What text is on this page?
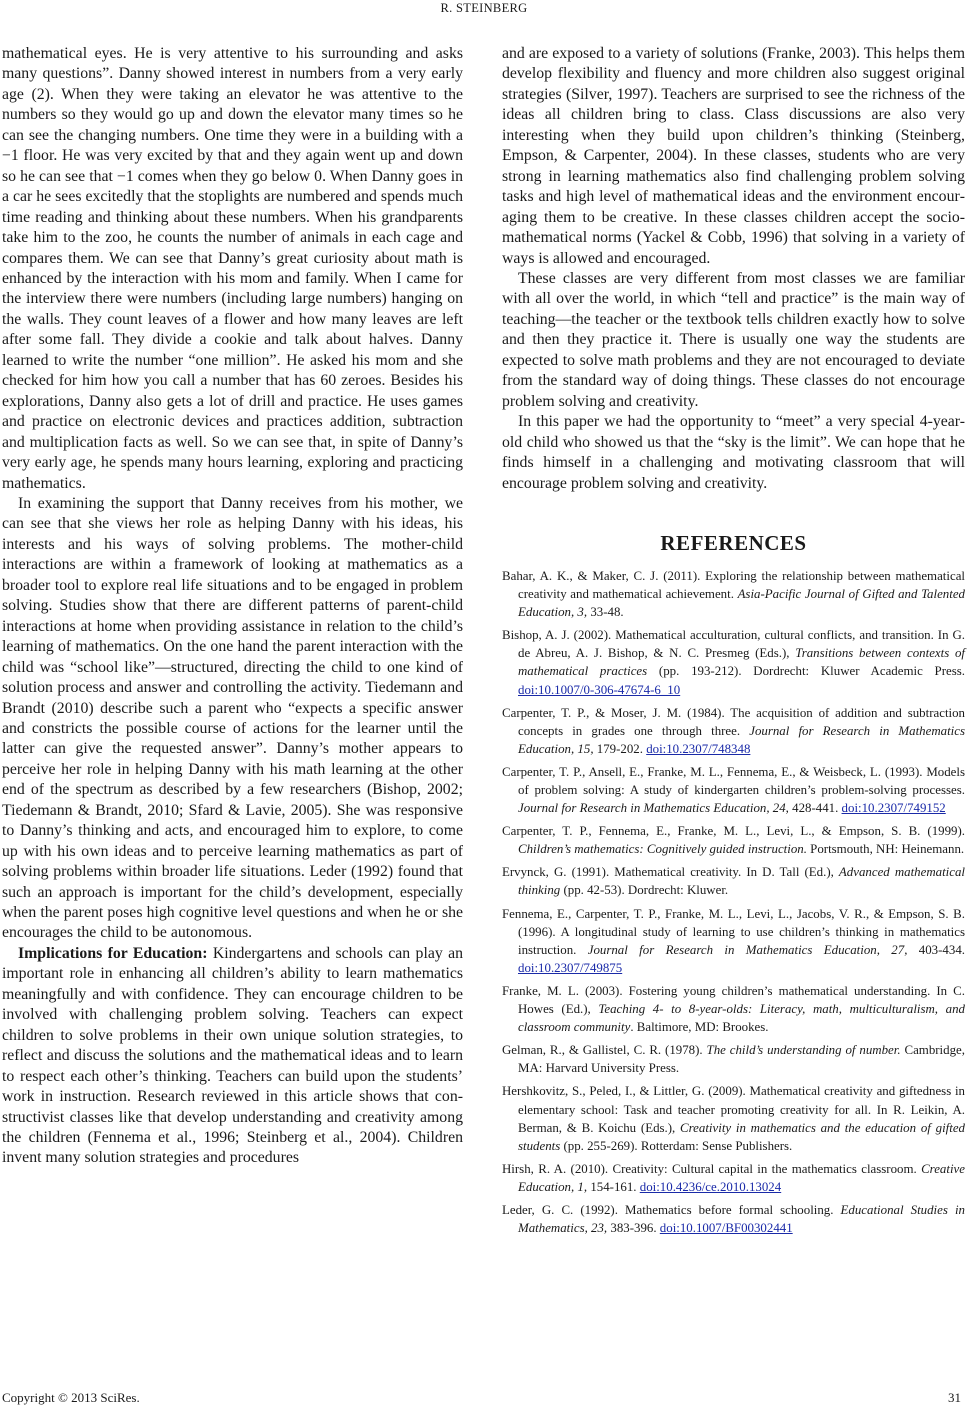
R. STEINBERG

mathematical eyes. He is very attentive to his surrounding and asks many questions”. Danny showed interest in numbers from a very early age (2). When they were taking an elevator he was attentive to the numbers so they would go up and down the elevator many times so he can see the changing numbers. One time they were in a building with a −1 floor. He was very excited by that and they again went up and down so he can see that −1 comes when they go below 0. When Danny goes in a car he sees excitedly that the stoplights are numbered and spends much time reading and thinking about these numbers. When his grandparents take him to the zoo, he counts the number of animals in each cage and compares them. We can see that Danny’s great curiosity about math is enhanced by the interaction with his mom and family. When I came for the interview there were numbers (including large numbers) hanging on the walls. They count leaves of a flower and how many leaves are left after some fall. They divide a cookie and talk about halves. Danny learned to write the number “one million”. He asked his mom and she checked for him how you call a number that has 60 zeroes. Besides his explorations, Danny also gets a lot of drill and practice. He uses games and practice on electronic devices and practices addition, subtraction and multiplication facts as well. So we can see that, in spite of Danny’s very early age, he spends many hours learning, exploring and practicing mathematics.

In examining the support that Danny receives from his mother, we can see that she views her role as helping Danny with his ideas, his interests and his ways of solving problems. The mother-child interactions are within a framework of looking at mathematics as a broader tool to explore real life situations and to be engaged in problem solving. Studies show that there are different patterns of parent-child interactions at home when providing assistance in relation to the child’s learning of mathematics. On the one hand the parent interaction with the child was “school like”—structured, directing the child to one kind of solution process and answer and controlling the activity. Tiedemann and Brandt (2010) describe such a parent who “expects a specific answer and constricts the possible course of actions for the learner until the latter can give the requested answer”. Danny’s mother appears to perceive her role in helping Danny with his math learning at the other end of the spectrum as described by a few researchers (Bishop, 2002; Tiedemann & Brandt, 2010; Sfard & Lavie, 2005). She was responsive to Danny’s thinking and acts, and encouraged him to explore, to come up with his own ideas and to perceive learning mathematics as part of solving problems within broader life situations. Leder (1992) found that such an approach is important for the child’s development, especially when the parent poses high cognitive level questions and when he or she encourages the child to be autonomous.

Implications for Education: Kindergartens and schools can play an important role in enhancing all children’s ability to learn mathematics meaningfully and with confidence. They can encourage children to be involved with challenging problem solving. Teachers can expect children to solve problems in their own unique solution strategies, to reflect and discuss the solutions and the mathematical ideas and to learn to respect each other’s thinking. Teachers can build upon the students’ work in instruction. Research reviewed in this article shows that constructivist classes like that develop understanding and creativity among the children (Fennema et al., 1996; Steinberg et al., 2004). Children invent many solution strategies and procedures

and are exposed to a variety of solutions (Franke, 2003). This helps them develop flexibility and fluency and more children also suggest original strategies (Silver, 1997). Teachers are surprised to see the richness of the ideas all children bring to class. Class discussions are also very interesting when they build upon children’s thinking (Steinberg, Empson, & Carpenter, 2004). In these classes, students who are very strong in learning mathematics also find challenging problem solving tasks and high level of mathematical ideas and the environment encouraging them to be creative. In these classes children accept the socio-mathematical norms (Yackel & Cobb, 1996) that solving in a variety of ways is allowed and encouraged.

These classes are very different from most classes we are familiar with all over the world, in which “tell and practice” is the main way of teaching—the teacher or the textbook tells children exactly how to solve and then they practice it. There is usually one way the students are expected to solve math problems and they are not encouraged to deviate from the standard way of doing things. These classes do not encourage problem solving and creativity.

In this paper we had the opportunity to “meet” a very special 4-year-old child who showed us that the “sky is the limit”. We can hope that he finds himself in a challenging and motivating classroom that will encourage problem solving and creativity.

REFERENCES
Bahar, A. K., & Maker, C. J. (2011). Exploring the relationship between mathematical creativity and mathematical achievement. Asia-Pacific Journal of Gifted and Talented Education, 3, 33-48.
Bishop, A. J. (2002). Mathematical acculturation, cultural conflicts, and transition. In G. de Abreu, A. J. Bishop, & N. C. Presmeg (Eds.), Transitions between contexts of mathematical practices (pp. 193-212). Dordrecht: Kluwer Academic Press. doi:10.1007/0-306-47674-6_10
Carpenter, T. P., & Moser, J. M. (1984). The acquisition of addition and subtraction concepts in grades one through three. Journal for Research in Mathematics Education, 15, 179-202. doi:10.2307/748348
Carpenter, T. P., Ansell, E., Franke, M. L., Fennema, E., & Weisbeck, L. (1993). Models of problem solving: A study of kindergarten children’s problem-solving processes. Journal for Research in Mathematics Education, 24, 428-441. doi:10.2307/749152
Carpenter, T. P., Fennema, E., Franke, M. L., Levi, L., & Empson, S. B. (1999). Children’s mathematics: Cognitively guided instruction. Portsmouth, NH: Heinemann.
Ervynck, G. (1991). Mathematical creativity. In D. Tall (Ed.), Advanced mathematical thinking (pp. 42-53). Dordrecht: Kluwer.
Fennema, E., Carpenter, T. P., Franke, M. L., Levi, L., Jacobs, V. R., & Empson, S. B. (1996). A longitudinal study of learning to use children’s thinking in mathematics instruction. Journal for Research in Mathematics Education, 27, 403-434. doi:10.2307/749875
Franke, M. L. (2003). Fostering young children’s mathematical understanding. In C. Howes (Ed.), Teaching 4- to 8-year-olds: Literacy, math, multiculturalism, and classroom community. Baltimore, MD: Brookes.
Gelman, R., & Gallistel, C. R. (1978). The child’s understanding of number. Cambridge, MA: Harvard University Press.
Hershkovitz, S., Peled, I., & Littler, G. (2009). Mathematical creativity and giftedness in elementary school: Task and teacher promoting creativity for all. In R. Leikin, A. Berman, & B. Koichu (Eds.), Creativity in mathematics and the education of gifted students (pp. 255-269). Rotterdam: Sense Publishers.
Hirsh, R. A. (2010). Creativity: Cultural capital in the mathematics classroom. Creative Education, 1, 154-161. doi:10.4236/ce.2010.13024
Leder, G. C. (1992). Mathematics before formal schooling. Educational Studies in Mathematics, 23, 383-396. doi:10.1007/BF00302441
Copyright © 2013 SciRes.	31
